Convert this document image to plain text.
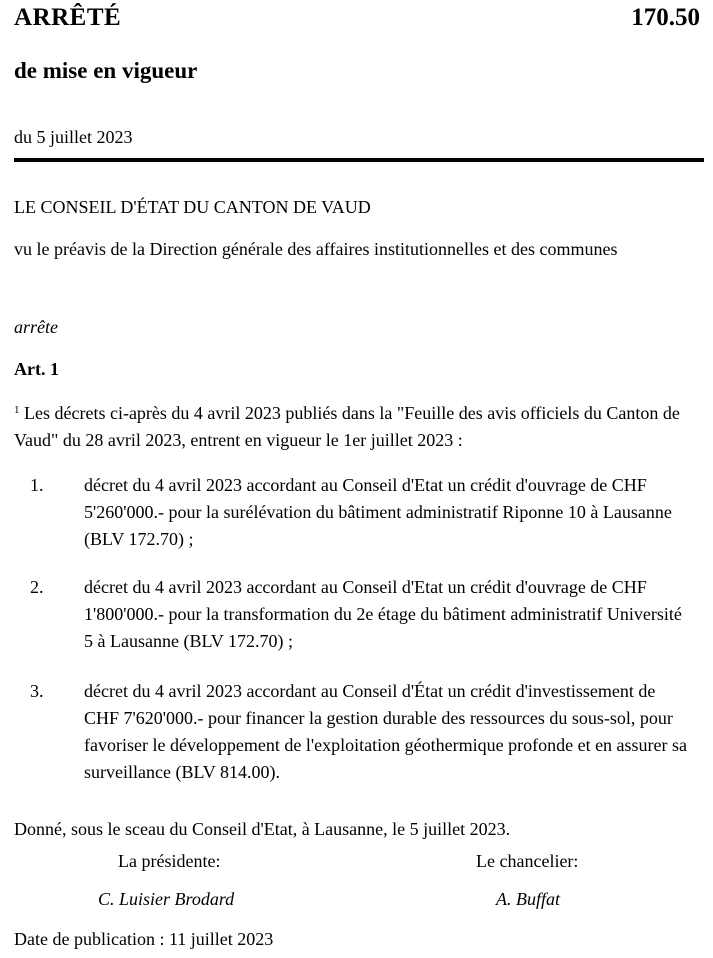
ARRÊTÉ	170.50
de mise en vigueur
du 5 juillet 2023
LE CONSEIL D'ÉTAT DU CANTON DE VAUD
vu le préavis de la Direction générale des affaires institutionnelles et des communes
arrête
Art. 1
$^1$ Les décrets ci-après du 4 avril 2023 publiés dans la "Feuille des avis officiels du Canton de Vaud" du 28 avril 2023, entrent en vigueur le 1er juillet 2023 :
1. décret du 4 avril 2023 accordant au Conseil d'Etat un crédit d'ouvrage de CHF 5'260'000.- pour la surélévation du bâtiment administratif Riponne 10 à Lausanne (BLV 172.70) ;
2. décret du 4 avril 2023 accordant au Conseil d'Etat un crédit d'ouvrage de CHF 1'800'000.- pour la transformation du 2e étage du bâtiment administratif Université 5 à Lausanne (BLV 172.70) ;
3. décret du 4 avril 2023 accordant au Conseil d'État un crédit d'investissement de CHF 7'620'000.- pour financer la gestion durable des ressources du sous-sol, pour favoriser le développement de l'exploitation géothermique profonde et en assurer sa surveillance (BLV 814.00).
Donné, sous le sceau du Conseil d'Etat, à Lausanne, le 5 juillet 2023.
La présidente:	Le chancelier:
C. Luisier Brodard	A. Buffat
Date de publication : 11 juillet 2023
